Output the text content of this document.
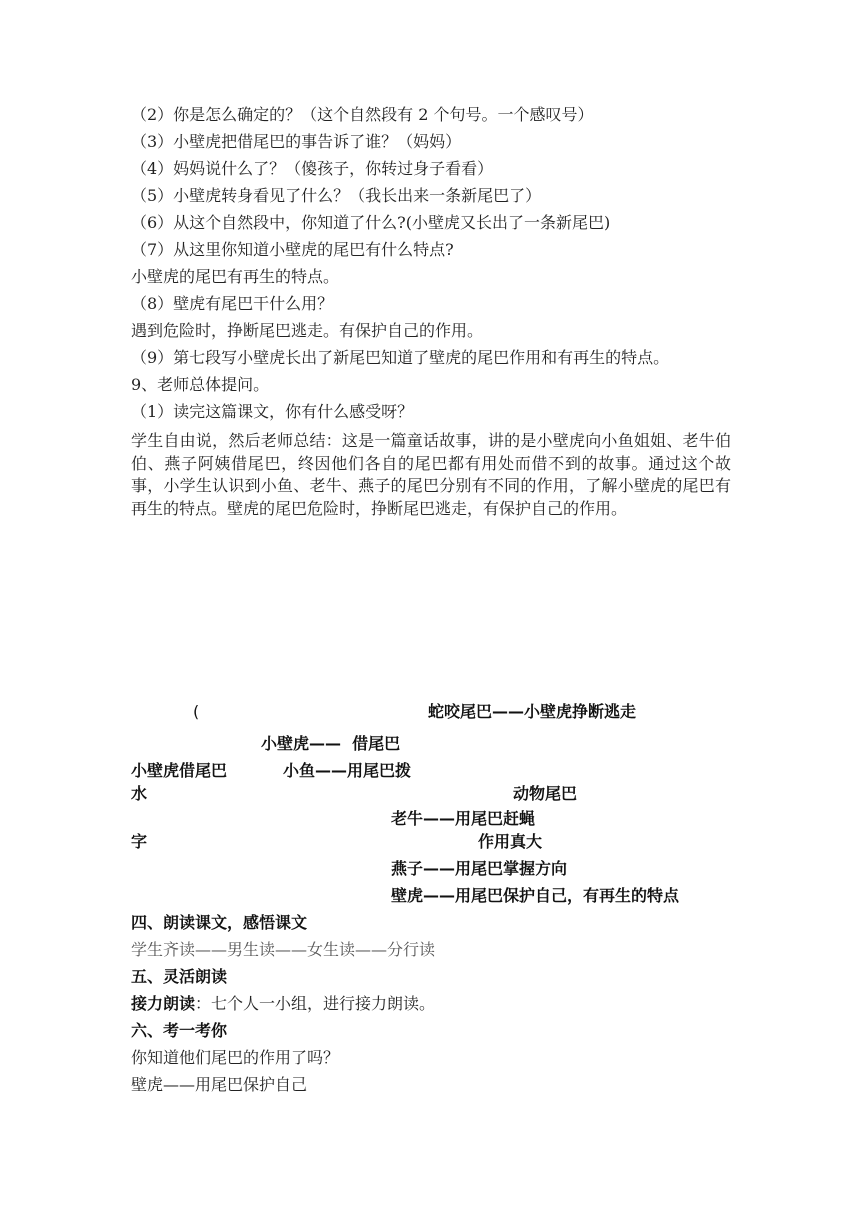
（2）你是怎么确定的？（这个自然段有 2 个句号。一个感叹号）
（3）小壁虎把借尾巴的事告诉了谁？（妈妈）
（4）妈妈说什么了？（傻孩子，你转过身子看看）
（5）小壁虎转身看见了什么？（我长出来一条新尾巴了）
（6）从这个自然段中，你知道了什么?(小壁虎又长出了一条新尾巴)
（7）从这里你知道小壁虎的尾巴有什么特点?
小壁虎的尾巴有再生的特点。
（8）壁虎有尾巴干什么用？
遇到危险时，挣断尾巴逃走。有保护自己的作用。
（9）第七段写小壁虎长出了新尾巴知道了壁虎的尾巴作用和有再生的特点。
9、老师总体提问。
（1）读完这篇课文，你有什么感受呀？
学生自由说，然后老师总结：这是一篇童话故事，讲的是小壁虎向小鱼姐姐、老牛伯伯、燕子阿姨借尾巴，终因他们各自的尾巴都有用处而借不到的故事。通过这个故事，小学生认识到小鱼、老牛、燕子的尾巴分别有不同的作用，了解小壁虎的尾巴有再生的特点。壁虎的尾巴危险时，挣断尾巴逃走，有保护自己的作用。
(	蛇咬尾巴——小壁虎挣断逃走
小壁虎——  借尾巴
小壁虎借尾巴	小鱼——用尾巴拨
水	动物尾巴
老牛——用尾巴赶蝇
字	作用真大
燕子——用尾巴掌握方向
壁虎——用尾巴保护自己，有再生的特点
四、朗读课文，感悟课文
学生齐读——男生读——女生读——分行读
五、灵活朗读
接力朗读：七个人一小组，进行接力朗读。
六、考一考你
你知道他们尾巴的作用了吗？
壁虎——用尾巴保护自己
